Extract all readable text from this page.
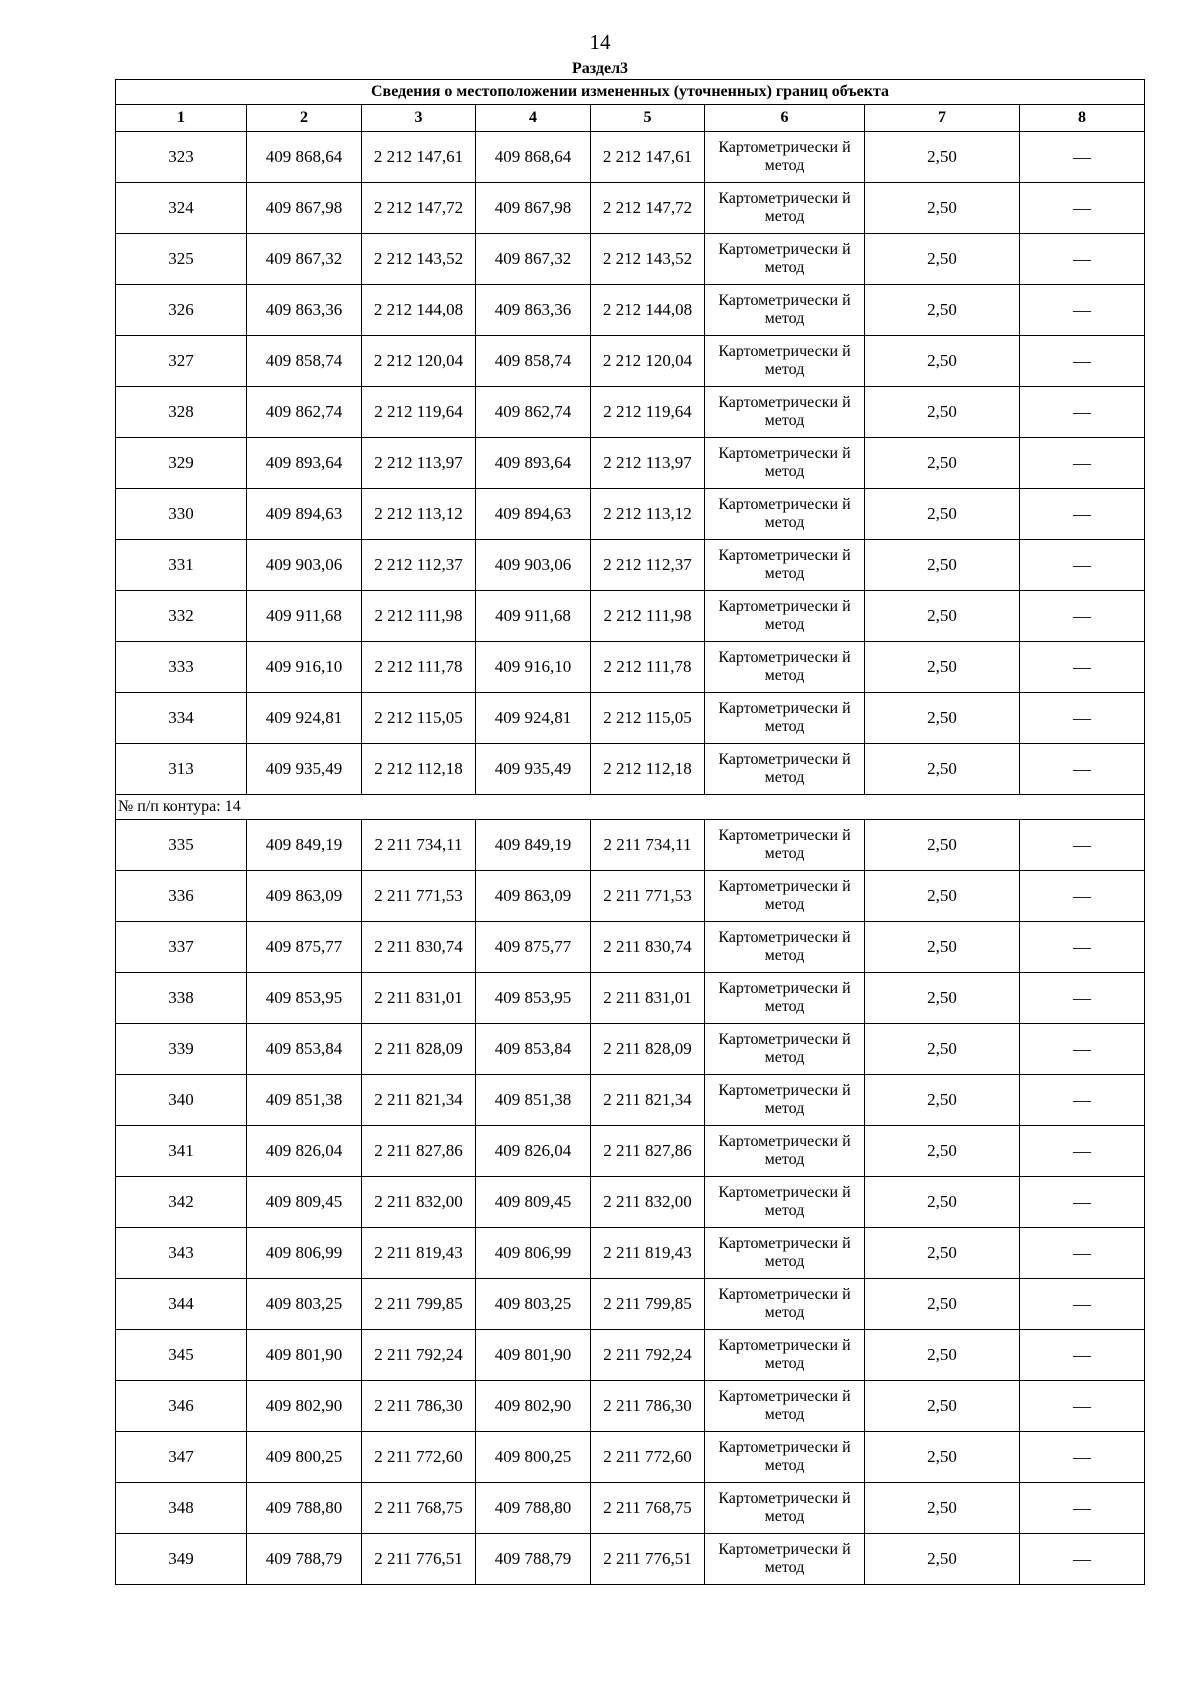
14
Раздел3
Сведения о местоположении измененных (уточненных) границ объекта							
1	2	3	4	5	6	7	8
323	409 868,64	2 212 147,61	409 868,64	2 212 147,61	Картометрически й метод	2,50	—
324	409 867,98	2 212 147,72	409 867,98	2 212 147,72	Картометрически й метод	2,50	—
325	409 867,32	2 212 143,52	409 867,32	2 212 143,52	Картометрически й метод	2,50	—
326	409 863,36	2 212 144,08	409 863,36	2 212 144,08	Картометрически й метод	2,50	—
327	409 858,74	2 212 120,04	409 858,74	2 212 120,04	Картометрически й метод	2,50	—
328	409 862,74	2 212 119,64	409 862,74	2 212 119,64	Картометрически й метод	2,50	—
329	409 893,64	2 212 113,97	409 893,64	2 212 113,97	Картометрически й метод	2,50	—
330	409 894,63	2 212 113,12	409 894,63	2 212 113,12	Картометрически й метод	2,50	—
331	409 903,06	2 212 112,37	409 903,06	2 212 112,37	Картометрически й метод	2,50	—
332	409 911,68	2 212 111,98	409 911,68	2 212 111,98	Картометрически й метод	2,50	—
333	409 916,10	2 212 111,78	409 916,10	2 212 111,78	Картометрически й метод	2,50	—
334	409 924,81	2 212 115,05	409 924,81	2 212 115,05	Картометрически й метод	2,50	—
313	409 935,49	2 212 112,18	409 935,49	2 212 112,18	Картометрически й метод	2,50	—
№ п/п контура: 14							
335	409 849,19	2 211 734,11	409 849,19	2 211 734,11	Картометрически й метод	2,50	—
336	409 863,09	2 211 771,53	409 863,09	2 211 771,53	Картометрически й метод	2,50	—
337	409 875,77	2 211 830,74	409 875,77	2 211 830,74	Картометрически й метод	2,50	—
338	409 853,95	2 211 831,01	409 853,95	2 211 831,01	Картометрически й метод	2,50	—
339	409 853,84	2 211 828,09	409 853,84	2 211 828,09	Картометрически й метод	2,50	—
340	409 851,38	2 211 821,34	409 851,38	2 211 821,34	Картометрически й метод	2,50	—
341	409 826,04	2 211 827,86	409 826,04	2 211 827,86	Картометрически й метод	2,50	—
342	409 809,45	2 211 832,00	409 809,45	2 211 832,00	Картометрически й метод	2,50	—
343	409 806,99	2 211 819,43	409 806,99	2 211 819,43	Картометрически й метод	2,50	—
344	409 803,25	2 211 799,85	409 803,25	2 211 799,85	Картометрически й метод	2,50	—
345	409 801,90	2 211 792,24	409 801,90	2 211 792,24	Картометрически й метод	2,50	—
346	409 802,90	2 211 786,30	409 802,90	2 211 786,30	Картометрически й метод	2,50	—
347	409 800,25	2 211 772,60	409 800,25	2 211 772,60	Картометрически й метод	2,50	—
348	409 788,80	2 211 768,75	409 788,80	2 211 768,75	Картометрически й метод	2,50	—
349	409 788,79	2 211 776,51	409 788,79	2 211 776,51	Картометрически й метод	2,50	—
